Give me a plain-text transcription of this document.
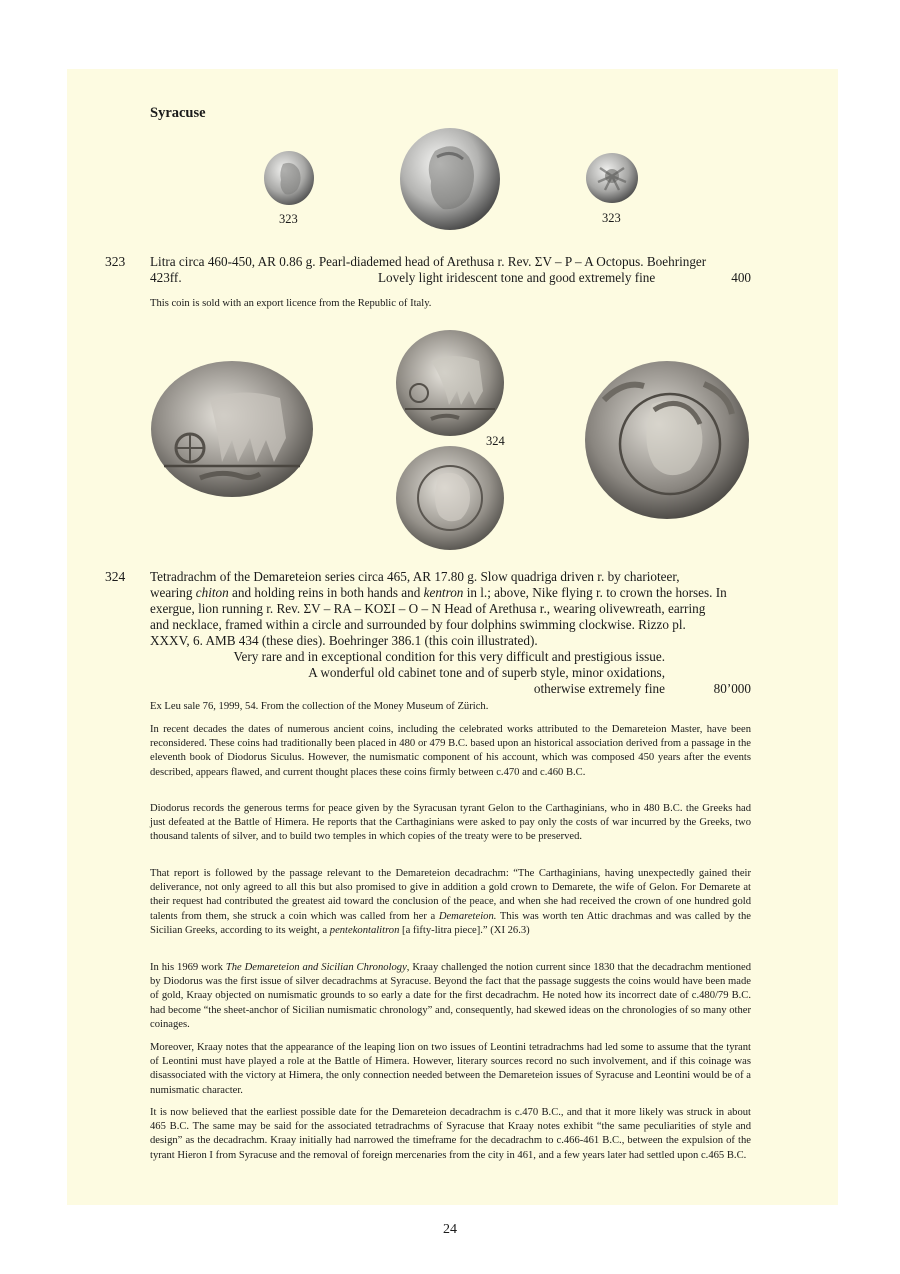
Syracuse
323	323
323 Litra circa 460-450, AR 0.86 g. Pearl-diademed head of Arethusa r. Rev. ΣV – P – A Octopus. Boehringer
423ff.	Lovely light iridescent tone and good extremely fine	400
This coin is sold with an export licence from the Republic of Italy.
324
324 Tetradrachm of the Demareteion series circa 465, AR 17.80 g. Slow quadriga driven r. by charioteer,
wearing chiton and holding reins in both hands and kentron in l.; above, Nike flying r. to crown the horses. In
exergue, lion running r. Rev. ΣV – RA – KOΣI – O – N Head of Arethusa r., wearing olivewreath, earring
and necklace, framed within a circle and surrounded by four dolphins swimming clockwise. Rizzo pl.
XXXV, 6. AMB 434 (these dies). Boehringer 386.1 (this coin illustrated).
Very rare and in exceptional condition for this very difficult and prestigious issue.
A wonderful old cabinet tone and of superb style, minor oxidations,
otherwise extremely fine	80’000
Ex Leu sale 76, 1999, 54. From the collection of the Money Museum of Zürich.
In recent decades the dates of numerous ancient coins, including the celebrated works attributed to the Demareteion Master, have been reconsidered. These coins had traditionally been placed in 480 or 479 B.C. based upon an historical association derived from a passage in the eleventh book of Diodorus Siculus. However, the numismatic component of his account, which was composed 450 years after the events described, appears flawed, and current thought places these coins firmly between c.470 and c.460 B.C.
Diodorus records the generous terms for peace given by the Syracusan tyrant Gelon to the Carthaginians, who in 480 B.C. the Greeks had just defeated at the Battle of Himera. He reports that the Carthaginians were asked to pay only the costs of war incurred by the Greeks, two thousand talents of silver, and to build two temples in which copies of the treaty were to be preserved.
That report is followed by the passage relevant to the Demareteion decadrachm: “The Carthaginians, having unexpectedly gained their deliverance, not only agreed to all this but also promised to give in addition a gold crown to Demarete, the wife of Gelon. For Demarete at their request had contributed the greatest aid toward the conclusion of the peace, and when she had received the crown of one hundred gold talents from them, she struck a coin which was called from her a Demareteion. This was worth ten Attic drachmas and was called by the Sicilian Greeks, according to its weight, a pentekontalitron [a fifty-litra piece].” (XI 26.3)
In his 1969 work The Demareteion and Sicilian Chronology, Kraay challenged the notion current since 1830 that the decadrachm mentioned by Diodorus was the first issue of silver decadrachms at Syracuse. Beyond the fact that the passage suggests the coins would have been made of gold, Kraay objected on numismatic grounds to so early a date for the first decadrachm. He noted how its incorrect date of c.480/79 B.C. had become “the sheet-anchor of Sicilian numismatic chronology” and, consequently, had skewed ideas on the chronologies of so many other coinages.
Moreover, Kraay notes that the appearance of the leaping lion on two issues of Leontini tetradrachms had led some to assume that the tyrant of Leontini must have played a role at the Battle of Himera. However, literary sources record no such involvement, and if this coinage was disassociated with the victory at Himera, the only connection needed between the Demareteion issues of Syracuse and Leontini would be of a numismatic character.
It is now believed that the earliest possible date for the Demareteion decadrachm is c.470 B.C., and that it more likely was struck in about 465 B.C. The same may be said for the associated tetradrachms of Syracuse that Kraay notes exhibit “the same peculiarities of style and design” as the decadrachm. Kraay initially had narrowed the timeframe for the decadrachm to c.466-461 B.C., between the expulsion of the tyrant Hieron I from Syracuse and the removal of foreign mercenaries from the city in 461, and a few years later had settled upon c.465 B.C.
24
